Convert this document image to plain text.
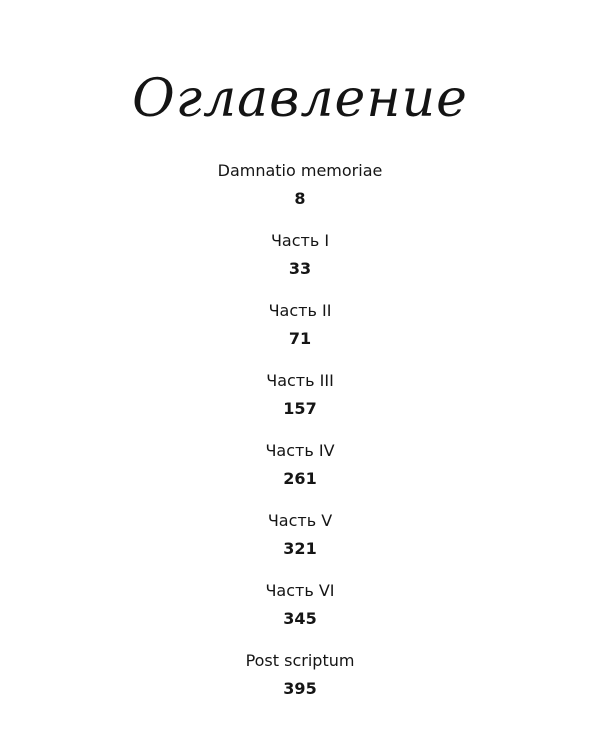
Оглавление
Damnatio memoriae
8
Часть I
33
Часть II
71
Часть III
157
Часть IV
261
Часть V
321
Часть VI
345
Post scriptum
395
